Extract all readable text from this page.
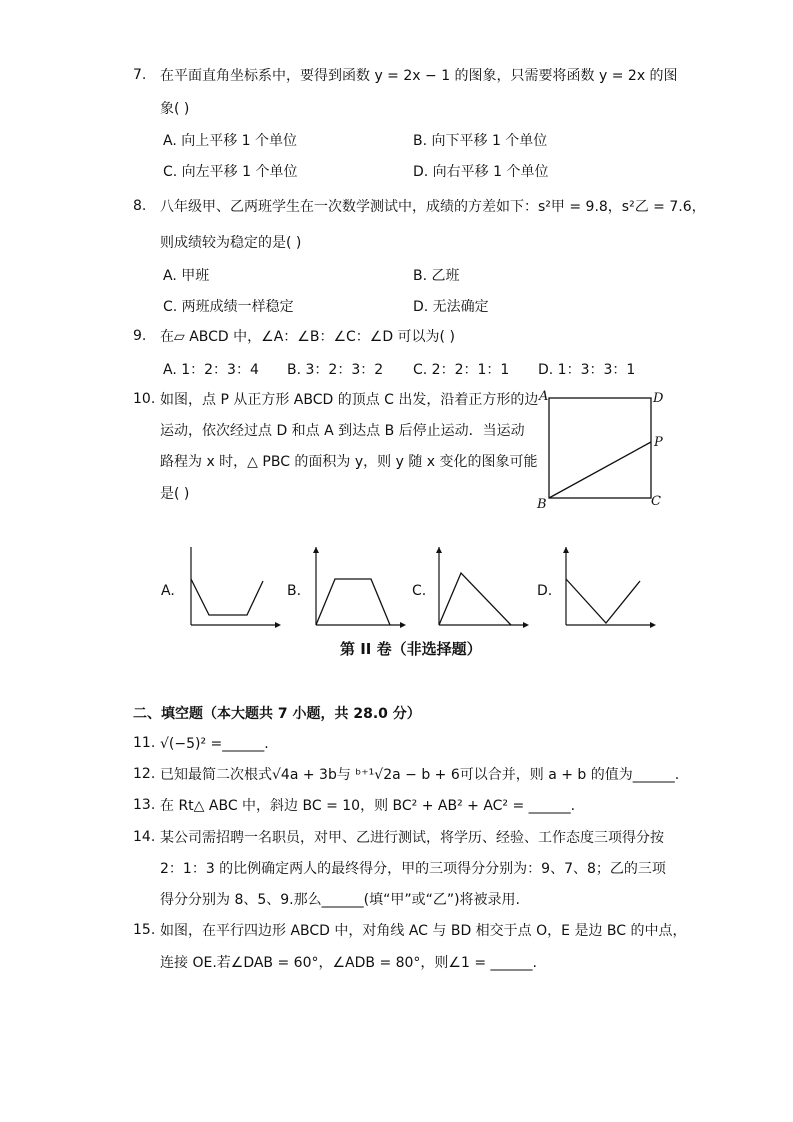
7. 在平面直角坐标系中，要得到函数 y = 2x − 1 的图象，只需要将函数 y = 2x 的图
象( )
A. 向上平移 1 个单位	B. 向下平移 1 个单位
C. 向左平移 1 个单位	D. 向右平移 1 个单位
8. 八年级甲、乙两班学生在一次数学测试中，成绩的方差如下：s²甲 = 9.8，s²乙 = 7.6，
则成绩较为稳定的是( )
A. 甲班	B. 乙班
C. 两班成绩一样稳定	D. 无法确定
9. 在▱ ABCD 中，∠A：∠B：∠C：∠D 可以为( )
A. 1：2：3：4 B. 3：2：3：2 C. 2：2：1：1 D. 1：3：3：1
10. 如图，点 P 从正方形 ABCD 的顶点 C 出发，沿着正方形的边
运动，依次经过点 D 和点 A 到达点 B 后停止运动．当运动
路程为 x 时，△ PBC 的面积为 y，则 y 随 x 变化的图象可能
是( )
A	D
P
B	C
A.	B.	C.	D.
第 II 卷（非选择题）
二、填空题（本大题共 7 小题，共 28.0 分）
11. √(−5)² =______.
12. 已知最简二次根式√4a + 3b与 ᵇ⁺¹√2a − b + 6可以合并，则 a + b 的值为______.
13. 在 Rt△ ABC 中，斜边 BC = 10，则 BC² + AB² + AC² = ______.
14. 某公司需招聘一名职员，对甲、乙进行测试，将学历、经验、工作态度三项得分按
2：1：3 的比例确定两人的最终得分，甲的三项得分分别为：9、7、8；乙的三项
得分分别为 8、5、9.那么______(填“甲”或“乙”)将被录用.
15. 如图，在平行四边形 ABCD 中，对角线 AC 与 BD 相交于点 O，E 是边 BC 的中点，
连接 OE.若∠DAB = 60°，∠ADB = 80°，则∠1 = ______.
